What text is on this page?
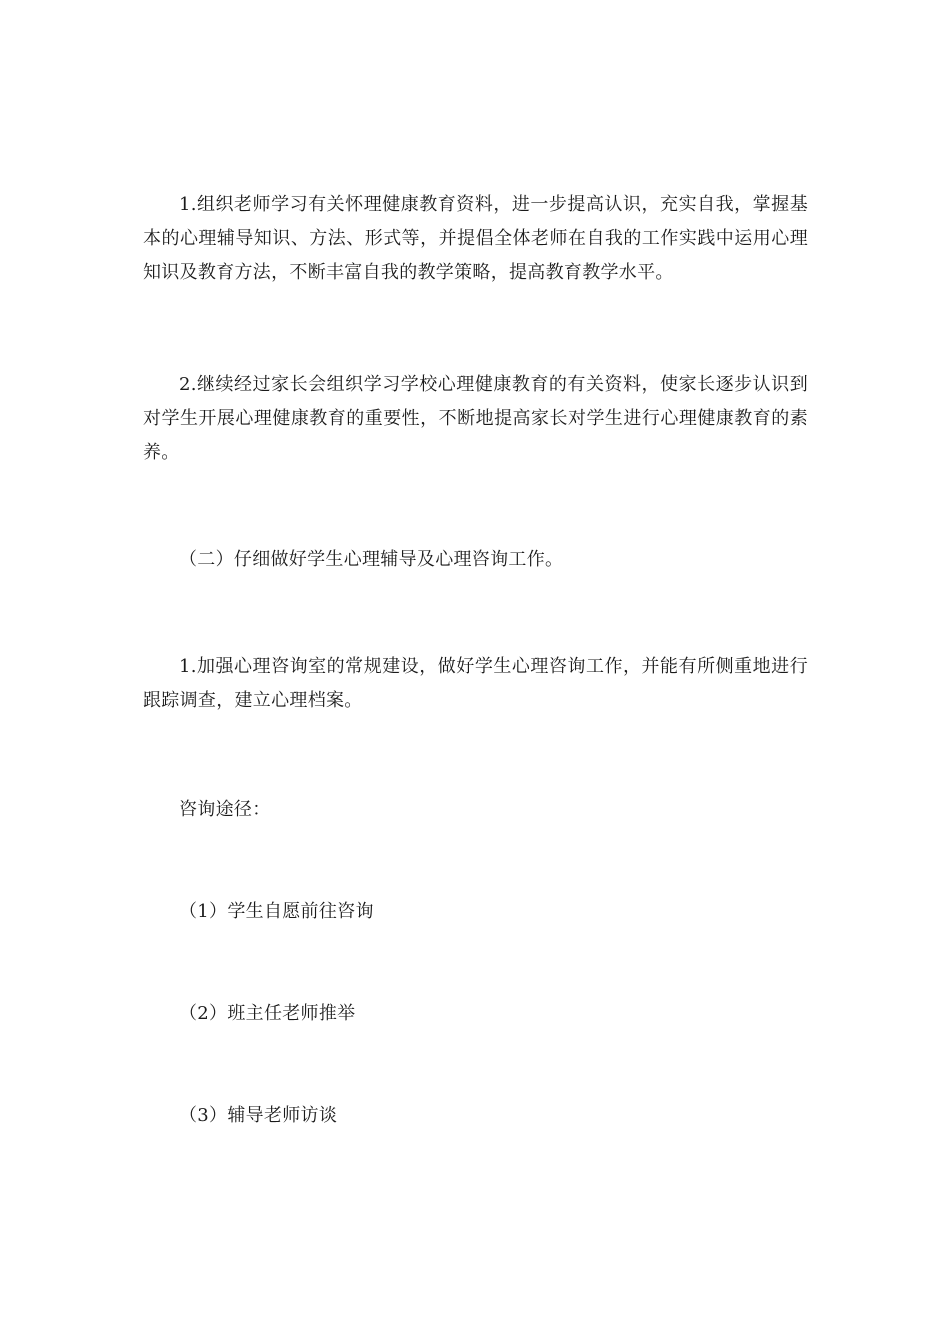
1.组织老师学习有关怀理健康教育资料，进一步提高认识，充实自我，掌握基本的心理辅导知识、方法、形式等，并提倡全体老师在自我的工作实践中运用心理知识及教育方法，不断丰富自我的教学策略，提高教育教学水平。

2.继续经过家长会组织学习学校心理健康教育的有关资料，使家长逐步认识到对学生开展心理健康教育的重要性，不断地提高家长对学生进行心理健康教育的素养。

（二）仔细做好学生心理辅导及心理咨询工作。

1.加强心理咨询室的常规建设，做好学生心理咨询工作，并能有所侧重地进行跟踪调查，建立心理档案。

咨询途径：

（1）学生自愿前往咨询

（2）班主任老师推举

（3）辅导老师访谈
